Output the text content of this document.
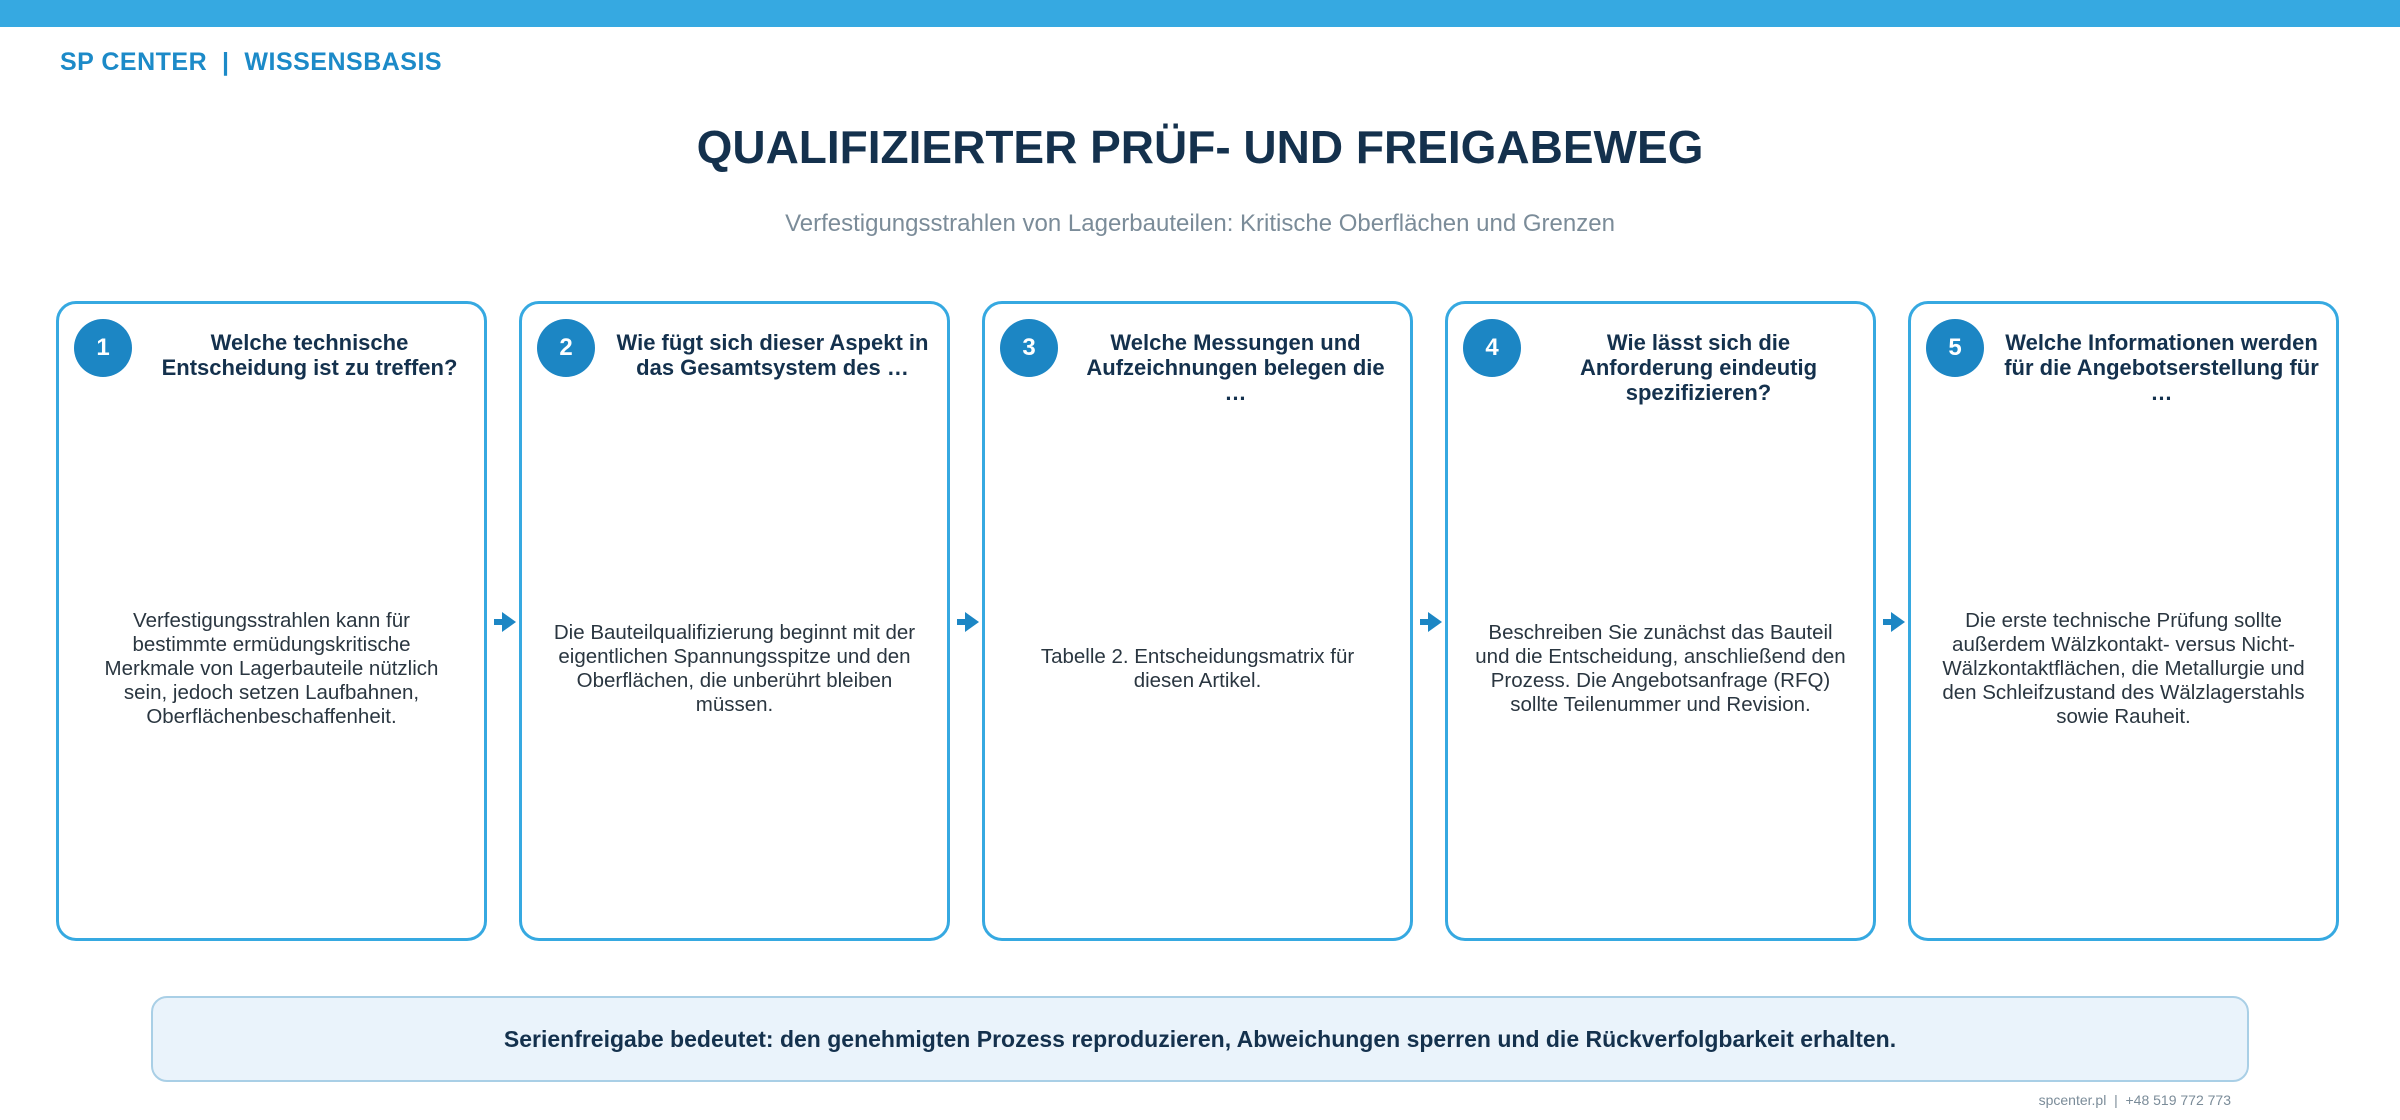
SP CENTER  |  WISSENSBASIS
QUALIFIZIERTER PRÜF- UND FREIGABEWEG
Verfestigungsstrahlen von Lagerbauteilen: Kritische Oberflächen und Grenzen
1	Welche technische Entscheidung ist zu treffen?
Verfestigungsstrahlen kann für bestimmte ermüdungskritische Merkmale von Lagerbauteile nützlich sein, jedoch setzen Laufbahnen, Oberflächenbeschaffenheit.
2	Wie fügt sich dieser Aspekt in das Gesamtsystem des …
Die Bauteilqualifizierung beginnt mit der eigentlichen Spannungsspitze und den Oberflächen, die unberührt bleiben müssen.
3	Welche Messungen und Aufzeichnungen belegen die …
Tabelle 2. Entscheidungsmatrix für diesen Artikel.
4	Wie lässt sich die Anforderung eindeutig spezifizieren?
Beschreiben Sie zunächst das Bauteil und die Entscheidung, anschließend den Prozess. Die Angebotsanfrage (RFQ) sollte Teilenummer und Revision.
5	Welche Informationen werden für die Angebotserstellung für …
Die erste technische Prüfung sollte außerdem Wälzkontakt- versus Nicht-Wälzkontaktflächen, die Metallurgie und den Schleifzustand des Wälzlagerstahls sowie Rauheit.
Serienfreigabe bedeutet: den genehmigten Prozess reproduzieren, Abweichungen sperren und die Rückverfolgbarkeit erhalten.
spcenter.pl  |  +48 519 772 773
